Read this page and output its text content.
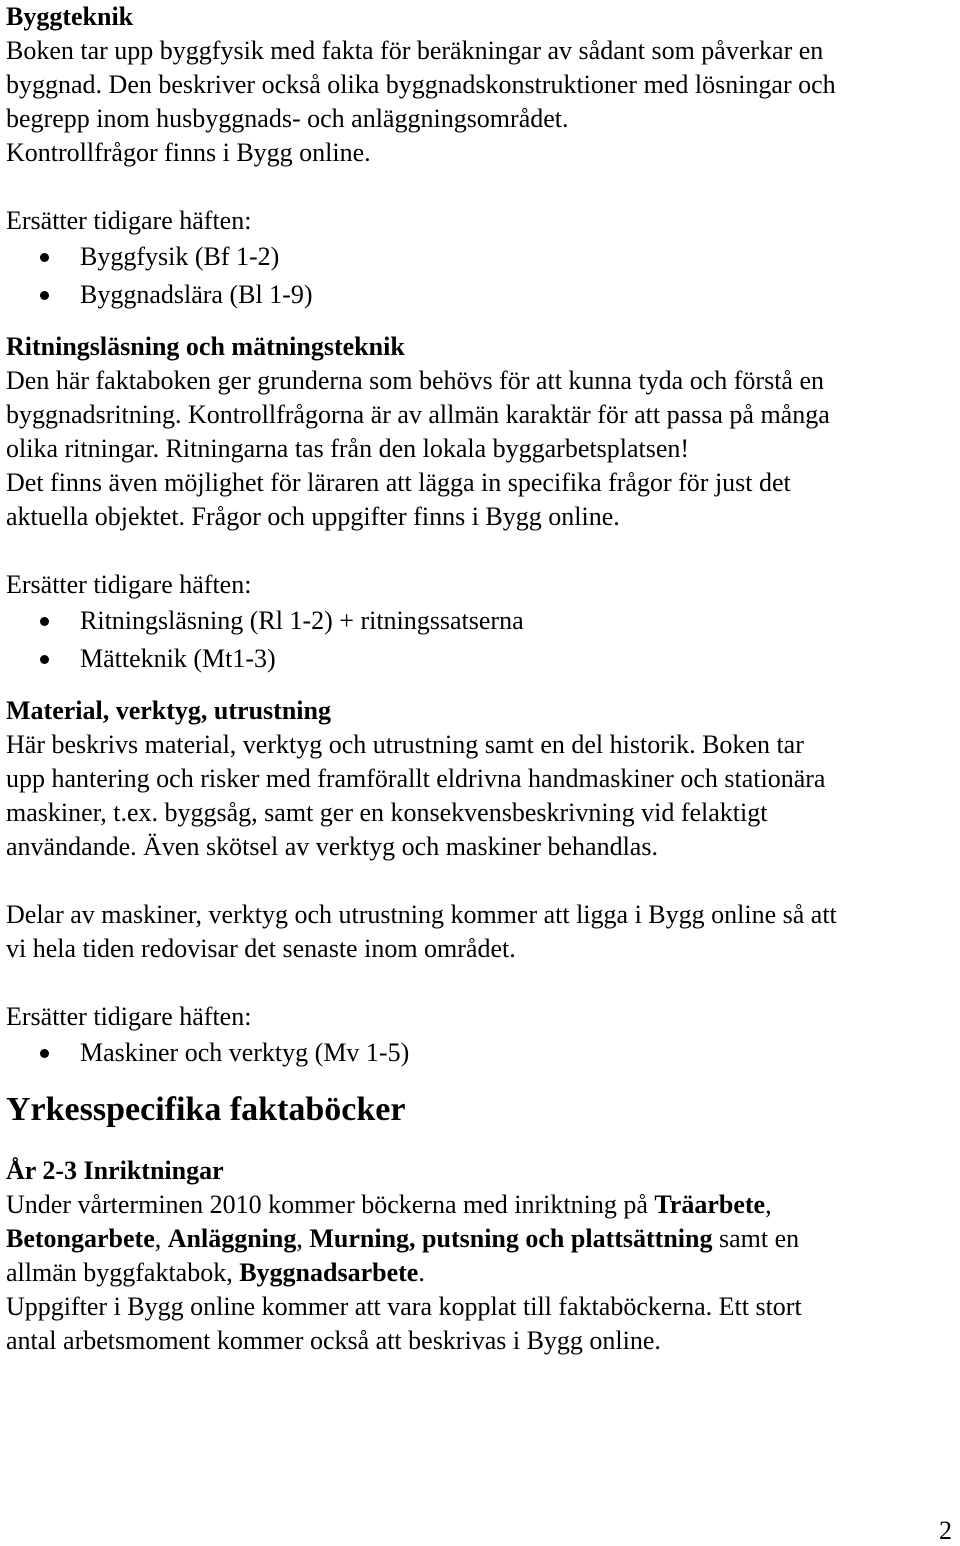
Byggteknik

Boken tar upp byggfysik med fakta för beräkningar av sådant som påverkar en

byggnad. Den beskriver också olika byggnadskonstruktioner med lösningar och

begrepp inom husbyggnads- och anläggningsområdet.

Kontrollfrågor finns i Bygg online.

Ersätter tidigare häften:

Byggfysik (Bf 1-2)
Byggnadslära (Bl 1-9)

Ritningsläsning och mätningsteknik

Den här faktaboken ger grunderna som behövs för att kunna tyda och förstå en

byggnadsritning. Kontrollfrågorna är av allmän karaktär för att passa på många

olika ritningar. Ritningarna tas från den lokala byggarbetsplatsen!

Det finns även möjlighet för läraren att lägga in specifika frågor för just det

aktuella objektet. Frågor och uppgifter finns i Bygg online.

Ersätter tidigare häften:

Ritningsläsning (Rl 1-2) + ritningssatserna
Mätteknik (Mt1-3)

Material, verktyg, utrustning

Här beskrivs material, verktyg och utrustning samt en del historik. Boken tar

upp hantering och risker med framförallt eldrivna handmaskiner och stationära

maskiner, t.ex. byggsåg, samt ger en konsekvensbeskrivning vid felaktigt

användande. Även skötsel av verktyg och maskiner behandlas.

Delar av maskiner, verktyg och utrustning kommer att ligga i Bygg online så att

vi hela tiden redovisar det senaste inom området.

Ersätter tidigare häften:

Maskiner och verktyg (Mv 1-5)

Yrkesspecifika faktaböcker

År 2-3 Inriktningar

Under vårterminen 2010 kommer böckerna med inriktning på Träarbete,

Betongarbete, Anläggning, Murning, putsning och plattsättning samt en

allmän byggfaktabok, Byggnadsarbete.

Uppgifter i Bygg online kommer att vara kopplat till faktaböckerna. Ett stort

antal arbetsmoment kommer också att beskrivas i Bygg online.

2
